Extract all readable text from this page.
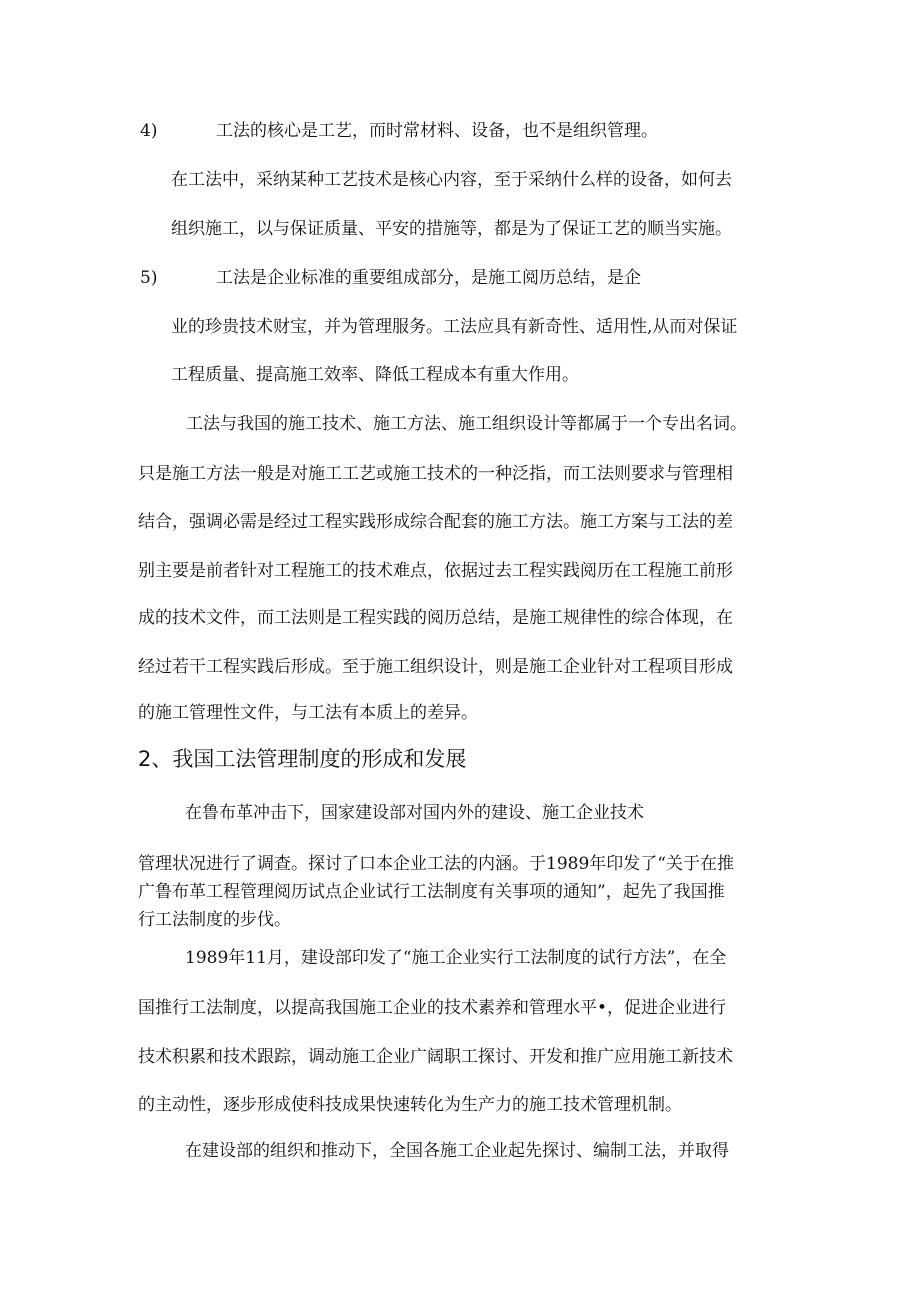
4)	工法的核心是工艺，而时常材料、设备，也不是组织管理。
在工法中，采纳某种工艺技术是核心内容，至于采纳什么样的设备，如何去
组织施工，以与保证质量、平安的措施等，都是为了保证工艺的顺当实施。
5)	工法是企业标准的重要组成部分，是施工阅历总结，是企
业的珍贵技术财宝，并为管理服务。工法应具有新奇性、适用性,从而对保证
工程质量、提高施工效率、降低工程成本有重大作用。
工法与我国的施工技术、施工方法、施工组织设计等都属于一个专出名词。
只是施工方法一般是对施工工艺或施工技术的一种泛指，而工法则要求与管理相
结合，强调必需是经过工程实践形成综合配套的施工方法。施工方案与工法的差
别主要是前者针对工程施工的技术难点，依据过去工程实践阅历在工程施工前形
成的技术文件，而工法则是工程实践的阅历总结，是施工规律性的综合体现，在
经过若干工程实践后形成。至于施工组织设计，则是施工企业针对工程项目形成
的施工管理性文件，与工法有本质上的差异。
2、我国工法管理制度的形成和发展
在鲁布革冲击下，国家建设部对国内外的建设、施工企业技术
管理状况进行了调查。探讨了口本企业工法的内涵。于1989年印发了“关于在推
广鲁布革工程管理阅历试点企业试行工法制度有关事项的通知”，起先了我国推
行工法制度的步伐。
1989年11月，建设部印发了“施工企业实行工法制度的试行方法”，在全
国推行工法制度，以提高我国施工企业的技术素养和管理水平•，促进企业进行
技术积累和技术跟踪，调动施工企业广阔职工探讨、开发和推广应用施工新技术
的主动性，逐步形成使科技成果快速转化为生产力的施工技术管理机制。
在建设部的组织和推动下，全国各施工企业起先探讨、编制工法，并取得
